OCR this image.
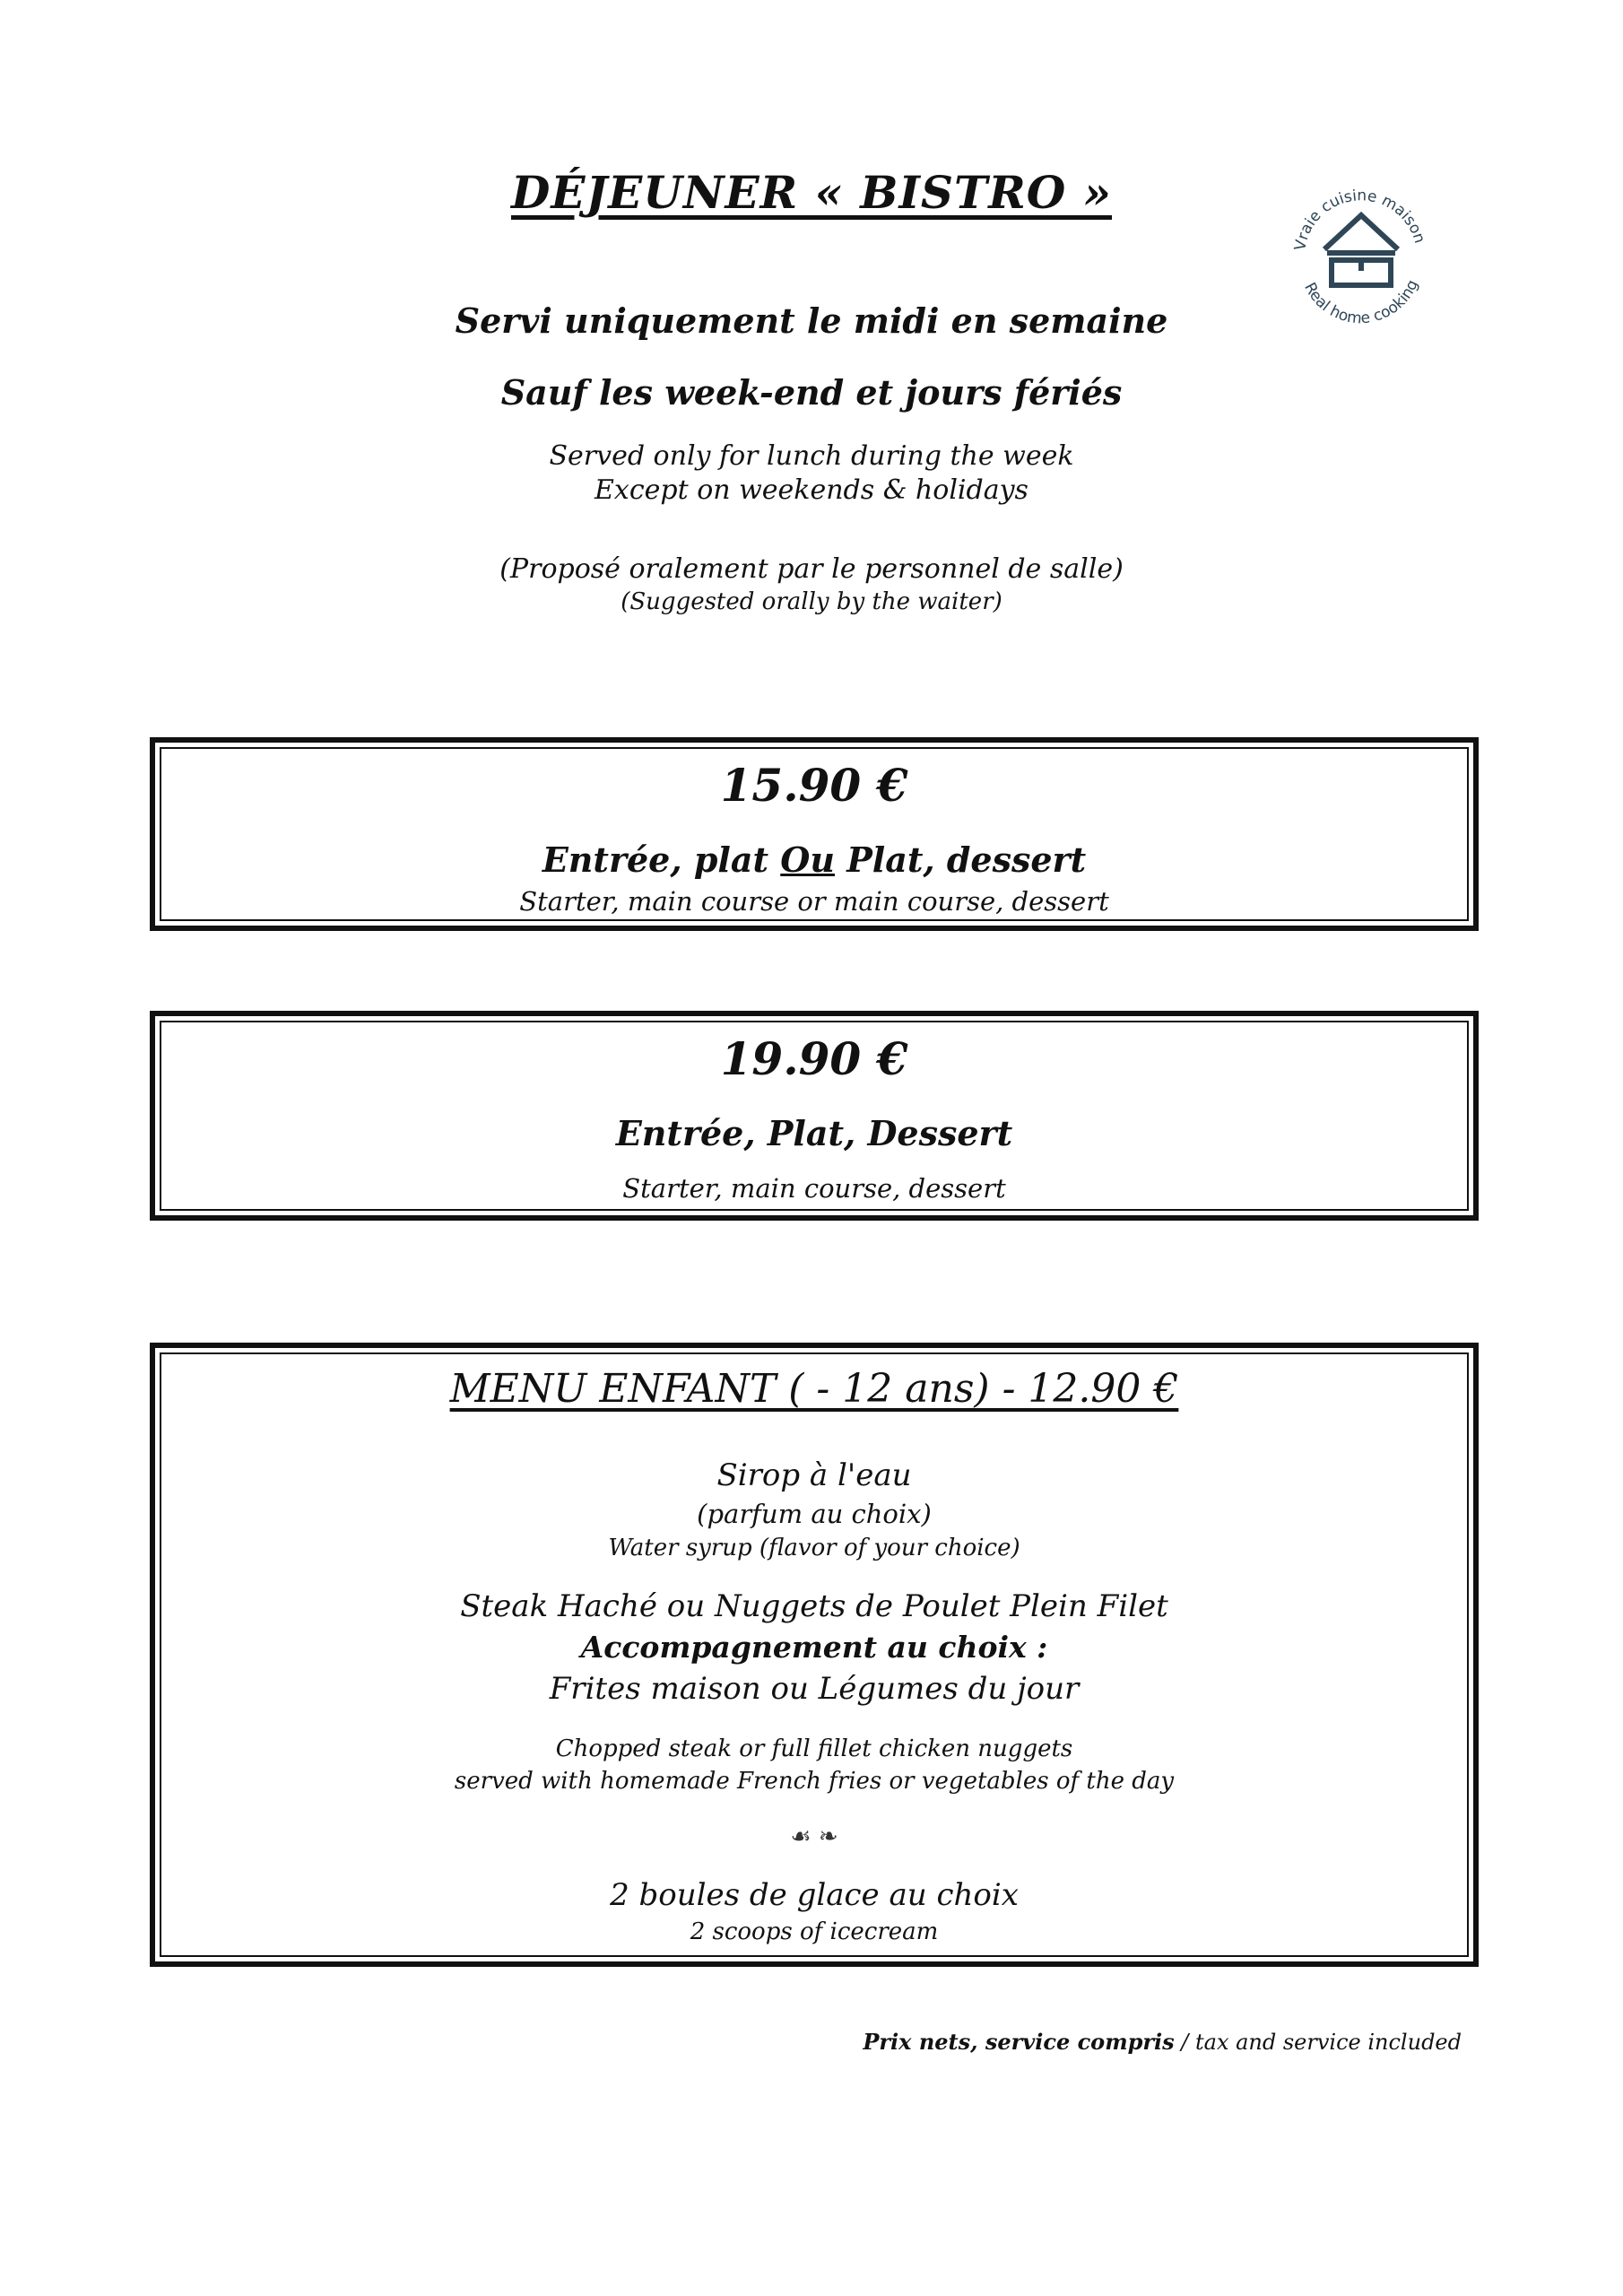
DÉJEUNER « BISTRO »
Vraie cuisine maison
Real home cooking
Servi uniquement le midi en semaine
Sauf les week-end et jours fériés
Served only for lunch during the week
Except on weekends & holidays
(Proposé oralement par le personnel de salle)
(Suggested orally by the waiter)
15.90 €
Entrée, plat Ou Plat, dessert
Starter, main course or main course, dessert
19.90 €
Entrée, Plat, Dessert
Starter, main course, dessert
MENU ENFANT ( - 12 ans) - 12.90 €
Sirop à l'eau
(parfum au choix)
Water syrup (flavor of your choice)
Steak Haché ou Nuggets de Poulet Plein Filet
Accompagnement au choix :
Frites maison ou Légumes du jour
Chopped steak or full fillet chicken nuggets
served with homemade French fries or vegetables of the day
☙ ❧
2 boules de glace au choix
2 scoops of icecream
Prix nets, service compris / tax and service included
